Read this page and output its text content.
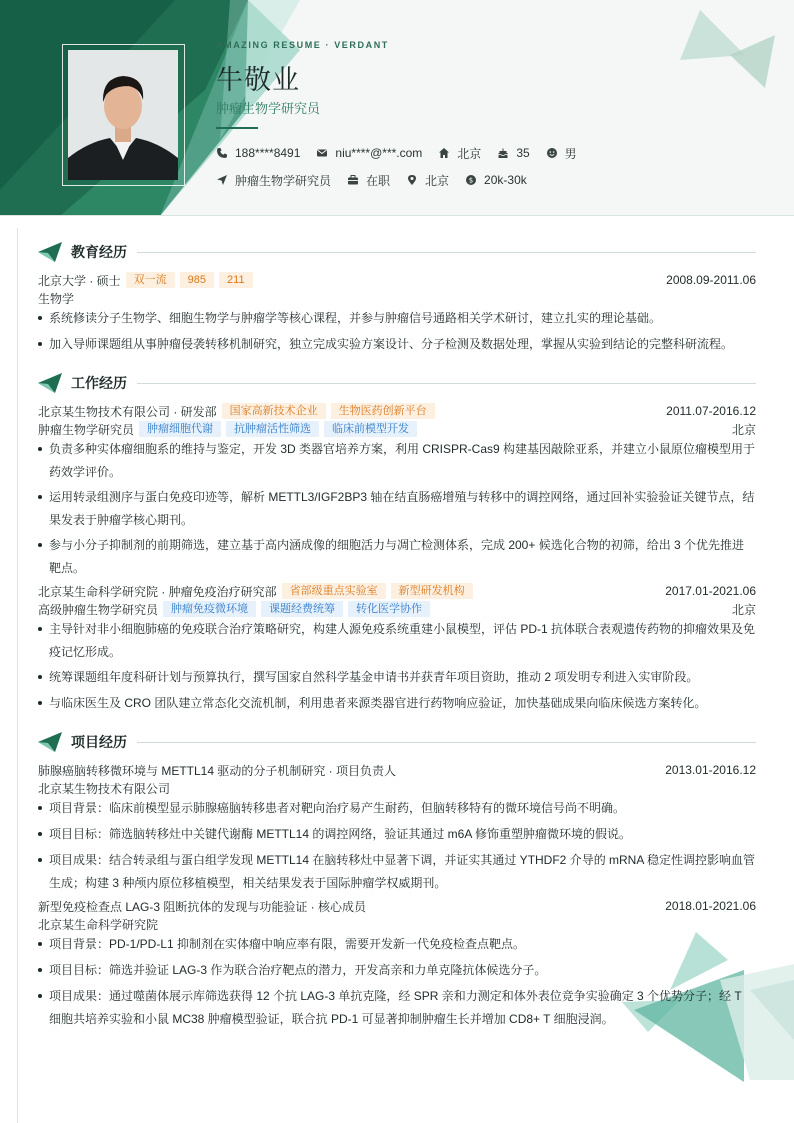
AMAZING RESUME · VERDANT
牛敬业
肿瘤生物学研究员
188****8491	niu****@***.com	北京	35	男
肿瘤生物学研究员	在职	北京	$ 20k-30k
教育经历
北京大学 · 硕士	双一流	985	211	2008.09-2011.06
生物学
系统修读分子生物学、细胞生物学与肿瘤学等核心课程，并参与肿瘤信号通路相关学术研讨，建立扎实的理论基础。
加入导师课题组从事肿瘤侵袭转移机制研究，独立完成实验方案设计、分子检测及数据处理，掌握从实验到结论的完整科研流程。
工作经历
北京某生物技术有限公司 · 研发部	国家高新技术企业	生物医药创新平台	2011.07-2016.12
肿瘤生物学研究员	肿瘤细胞代谢	抗肿瘤活性筛选	临床前模型开发	北京
负责多种实体瘤细胞系的维持与鉴定，开发 3D 类器官培养方案，利用 CRISPR-Cas9 构建基因敲除亚系，并建立小鼠原位瘤模型用于药效学评价。
运用转录组测序与蛋白免疫印迹等，解析 METTL3/IGF2BP3 轴在结直肠癌增殖与转移中的调控网络，通过回补实验验证关键节点，结果发表于肿瘤学核心期刊。
参与小分子抑制剂的前期筛选，建立基于高内涵成像的细胞活力与凋亡检测体系，完成 200+ 候选化合物的初筛，给出 3 个优先推进靶点。
北京某生命科学研究院 · 肿瘤免疫治疗研究部	省部级重点实验室	新型研发机构	2017.01-2021.06
高级肿瘤生物学研究员	肿瘤免疫微环境	课题经费统筹	转化医学协作	北京
主导针对非小细胞肺癌的免疫联合治疗策略研究，构建人源免疫系统重建小鼠模型，评估 PD-1 抗体联合表观遗传药物的抑瘤效果及免疫记忆形成。
统筹课题组年度科研计划与预算执行，撰写国家自然科学基金申请书并获青年项目资助，推动 2 项发明专利进入实审阶段。
与临床医生及 CRO 团队建立常态化交流机制，利用患者来源类器官进行药物响应验证，加快基础成果向临床候选方案转化。
项目经历
肺腺癌脑转移微环境与 METTL14 驱动的分子机制研究 · 项目负责人	2013.01-2016.12
北京某生物技术有限公司
项目背景：临床前模型显示肺腺癌脑转移患者对靶向治疗易产生耐药，但脑转移特有的微环境信号尚不明确。
项目目标：筛选脑转移灶中关键代谢酶 METTL14 的调控网络，验证其通过 m6A 修饰重塑肿瘤微环境的假说。
项目成果：结合转录组与蛋白组学发现 METTL14 在脑转移灶中显著下调，并证实其通过 YTHDF2 介导的 mRNA 稳定性调控影响血管生成；构建 3 种颅内原位移植模型，相关结果发表于国际肿瘤学权威期刊。
新型免疫检查点 LAG-3 阻断抗体的发现与功能验证 · 核心成员	2018.01-2021.06
北京某生命科学研究院
项目背景：PD-1/PD-L1 抑制剂在实体瘤中响应率有限，需要开发新一代免疫检查点靶点。
项目目标：筛选并验证 LAG-3 作为联合治疗靶点的潜力，开发高亲和力单克隆抗体候选分子。
项目成果：通过噬菌体展示库筛选获得 12 个抗 LAG-3 单抗克隆，经 SPR 亲和力测定和体外表位竞争实验确定 3 个优势分子；经 T 细胞共培养实验和小鼠 MC38 肿瘤模型验证，联合抗 PD-1 可显著抑制肿瘤生长并增加 CD8+ T 细胞浸润。
